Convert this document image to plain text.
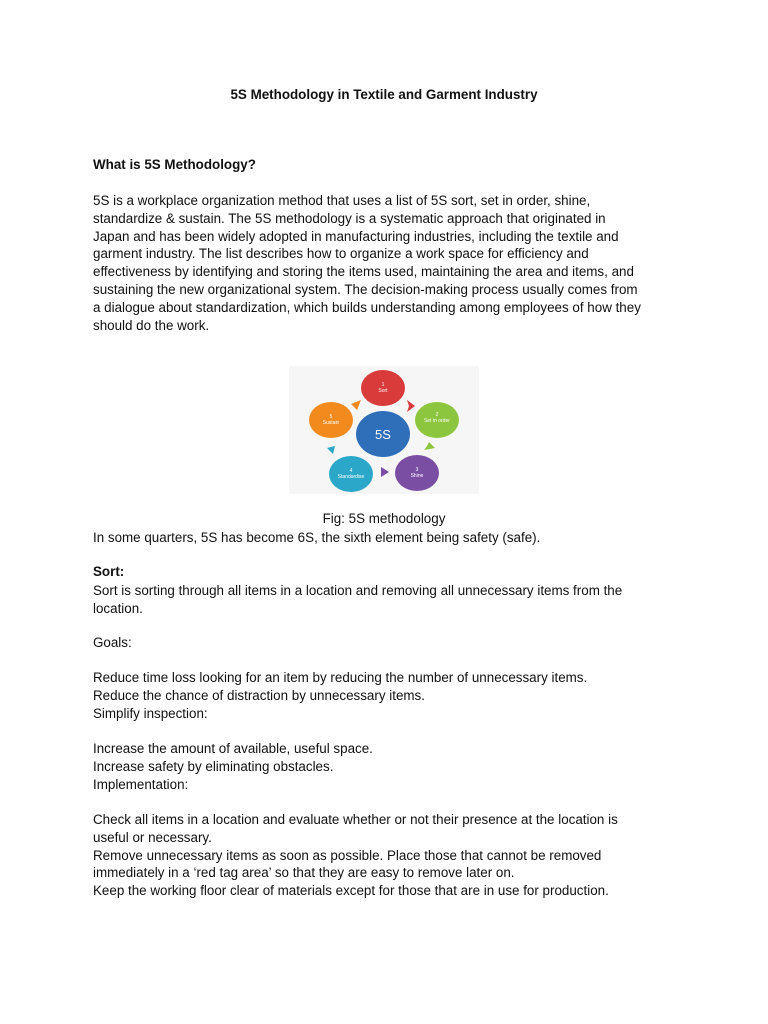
5S Methodology in Textile and Garment Industry
What is 5S Methodology?
5S is a workplace organization method that uses a list of 5S sort, set in order, shine,
standardize & sustain. The 5S methodology is a systematic approach that originated in
Japan and has been widely adopted in manufacturing industries, including the textile and
garment industry. The list describes how to organize a work space for efficiency and
effectiveness by identifying and storing the items used, maintaining the area and items, and
sustaining the new organizational system. The decision-making process usually comes from
a dialogue about standardization, which builds understanding among employees of how they
should do the work.
5S
1
Sort
2
Set in order
3
Shine
4
Standardise
5
Sustain
Fig: 5S methodology
In some quarters, 5S has become 6S, the sixth element being safety (safe).
Sort:
Sort is sorting through all items in a location and removing all unnecessary items from the
location.
Goals:
Reduce time loss looking for an item by reducing the number of unnecessary items.
Reduce the chance of distraction by unnecessary items.
Simplify inspection:
Increase the amount of available, useful space.
Increase safety by eliminating obstacles.
Implementation:
Check all items in a location and evaluate whether or not their presence at the location is
useful or necessary.
Remove unnecessary items as soon as possible. Place those that cannot be removed
immediately in a ‘red tag area’ so that they are easy to remove later on.
Keep the working floor clear of materials except for those that are in use for production.
